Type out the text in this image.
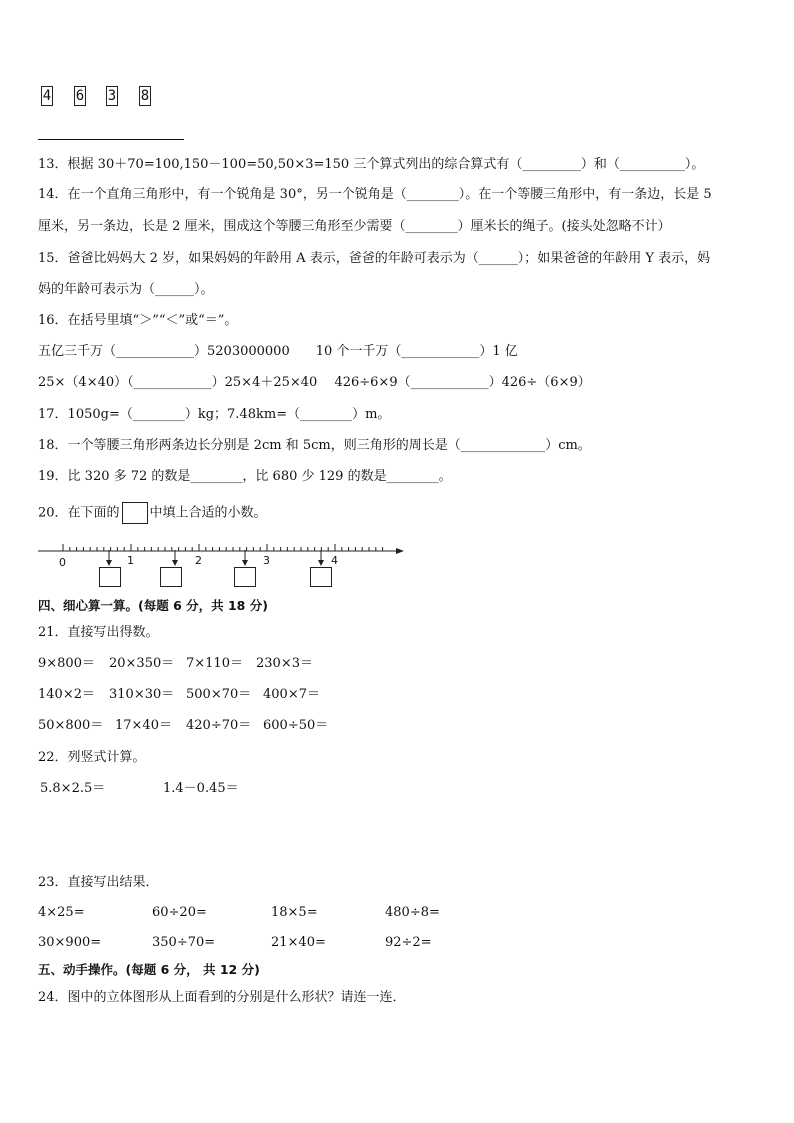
4 6 3 8
13．根据 30＋70=100,150－100=50,50×3=150 三个算式列出的综合算式有（_________）和（__________）。
14．在一个直角三角形中，有一个锐角是 30°，另一个锐角是（________）。在一个等腰三角形中，有一条边，长是 5
厘米，另一条边，长是 2 厘米，围成这个等腰三角形至少需要（________）厘米长的绳子。(接头处忽略不计）
15．爸爸比妈妈大 2 岁，如果妈妈的年龄用 A 表示，爸爸的年龄可表示为（______）；如果爸爸的年龄用 Y 表示，妈
妈的年龄可表示为（______）。
16．在括号里填“＞”“＜”或“＝”。
五亿三千万（____________）5203000000　　10 个一千万（____________）1 亿
25×（4×40）（____________）25×4＋25×40　 426÷6×9（____________）426÷（6×9）
17．1050g=（________）kg；7.48km=（________）m。
18．一个等腰三角形两条边长分别是 2cm 和 5cm，则三角形的周长是（_____________）cm。
19．比 320 多 72 的数是________，比 680 少 129 的数是________。
20．在下面的 中填上合适的小数。
0	1	2	3	4
四、细心算一算。(每题 6 分，共 18 分)
21．直接写出得数。
9×800＝ 20×350＝ 7×110＝ 230×3＝
140×2＝ 310×30＝ 500×70＝ 400×7＝
50×800＝ 17×40＝ 420÷70＝ 600÷50＝
22．列竖式计算。
5.8×2.5＝	1.4－0.45＝
23．直接写出结果．
4×25=	60÷20=	18×5=	480÷8=
30×900=	350÷70=	21×40=	92÷2=
五、动手操作。(每题 6 分， 共 12 分)
24．图中的立体图形从上面看到的分别是什么形状？请连一连．
